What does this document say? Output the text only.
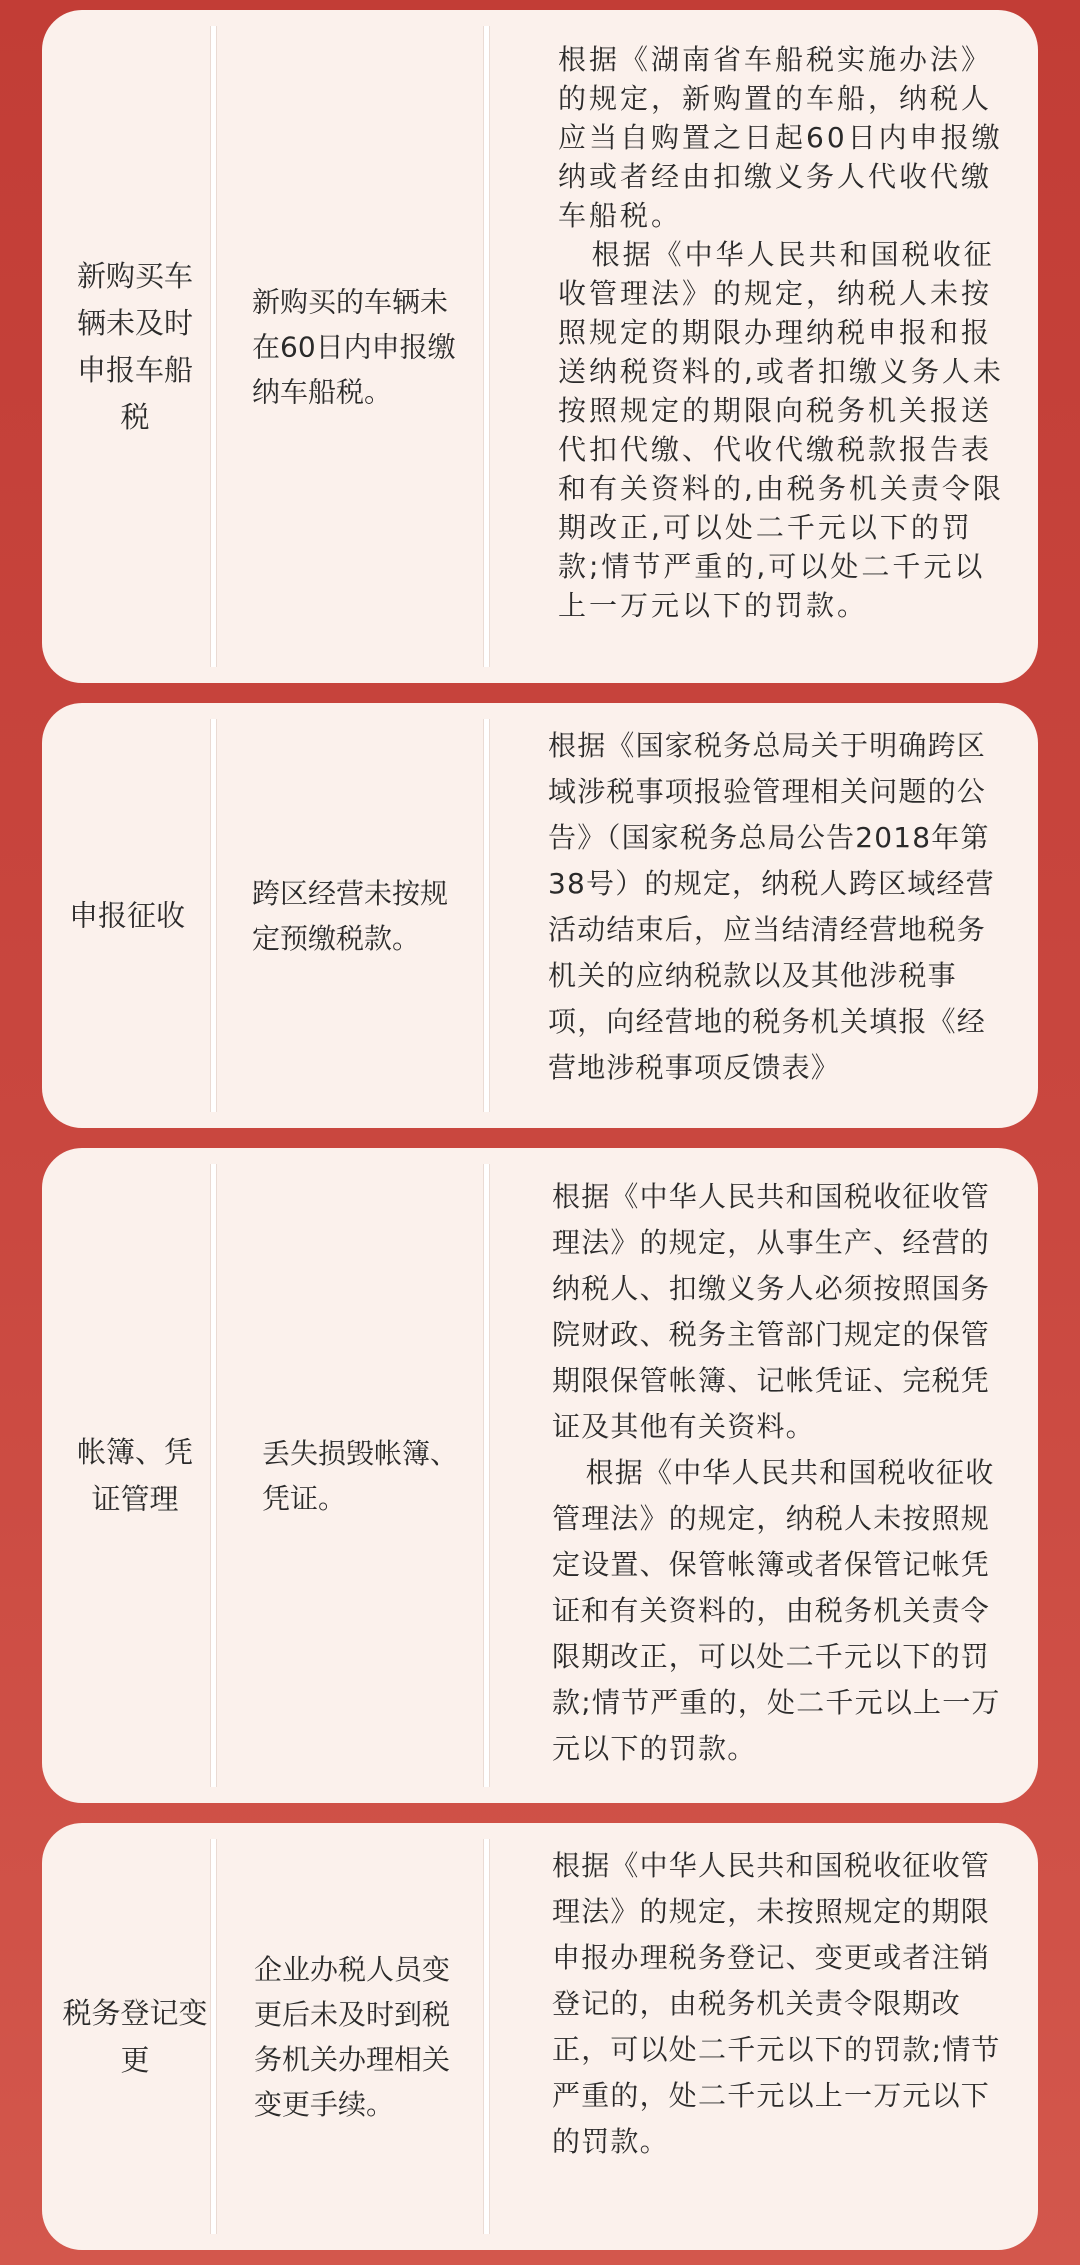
新购买车辆未及时申报车船税
新购买的车辆未在60日内申报缴纳车船税。

根据《湖南省车船税实施办法》的规定，新购置的车船，纳税人应当自购置之日起60日内申报缴纳或者经由扣缴义务人代收代缴车船税。

根据《中华人民共和国税收征收管理法》的规定，纳税人未按照规定的期限办理纳税申报和报送纳税资料的,或者扣缴义务人未按照规定的期限向税务机关报送代扣代缴、代收代缴税款报告表和有关资料的,由税务机关责令限期改正,可以处二千元以下的罚款;情节严重的,可以处二千元以上一万元以下的罚款。

申报征收
跨区经营未按规定预缴税款。

根据《国家税务总局关于明确跨区域涉税事项报验管理相关问题的公告》（国家税务总局公告2018年第38号）的规定，纳税人跨区域经营活动结束后，应当结清经营地税务机关的应纳税款以及其他涉税事项，向经营地的税务机关填报《经营地涉税事项反馈表》

帐簿、凭证管理
丢失损毁帐簿、凭证。

根据《中华人民共和国税收征收管理法》的规定，从事生产、经营的纳税人、扣缴义务人必须按照国务院财政、税务主管部门规定的保管期限保管帐簿、记帐凭证、完税凭证及其他有关资料。

根据《中华人民共和国税收征收管理法》的规定，纳税人未按照规定设置、保管帐簿或者保管记帐凭证和有关资料的，由税务机关责令限期改正，可以处二千元以下的罚款;情节严重的，处二千元以上一万元以下的罚款。

税务登记变更
企业办税人员变更后未及时到税务机关办理相关变更手续。

根据《中华人民共和国税收征收管理法》的规定，未按照规定的期限申报办理税务登记、变更或者注销登记的，由税务机关责令限期改正，可以处二千元以下的罚款;情节严重的，处二千元以上一万元以下的罚款。
